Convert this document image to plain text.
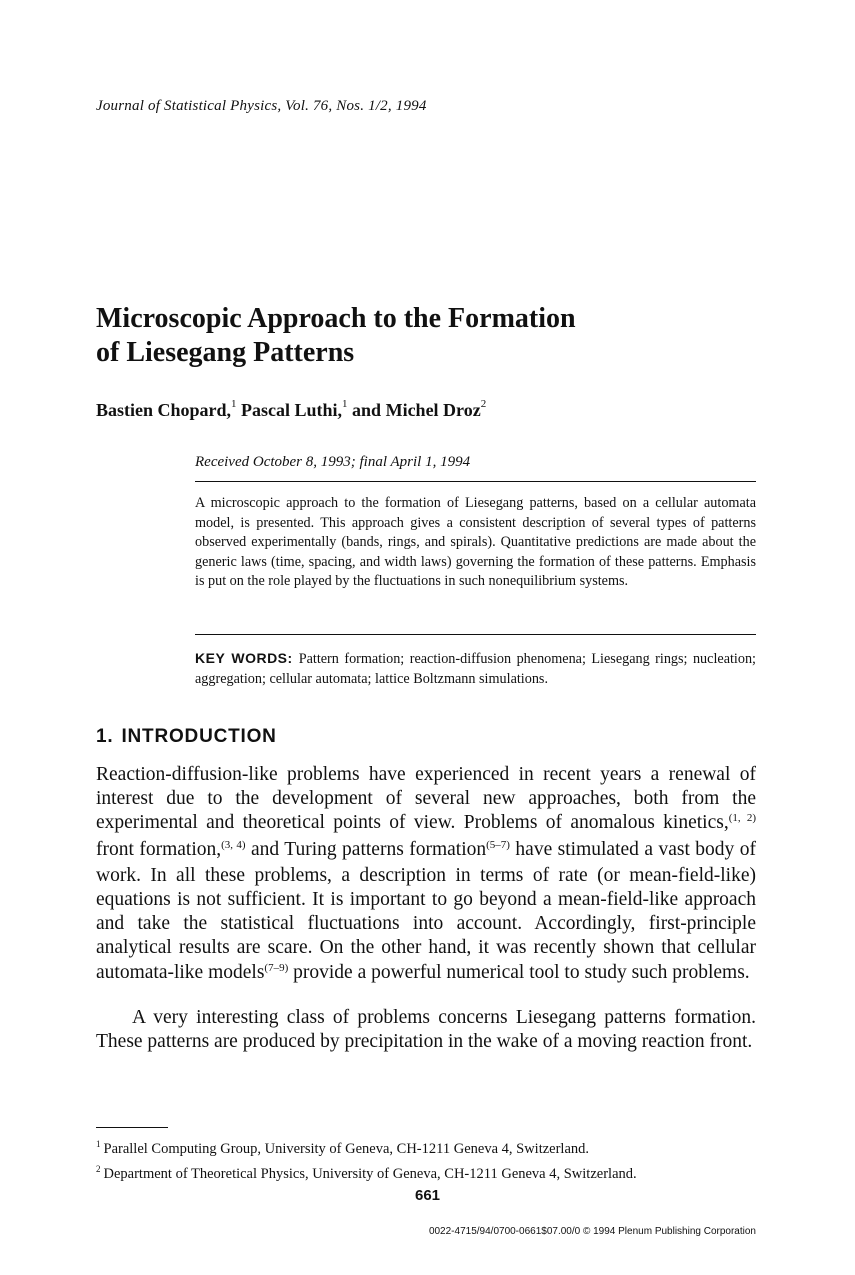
Journal of Statistical Physics, Vol. 76, Nos. 1/2, 1994
Microscopic Approach to the Formation
of Liesegang Patterns
Bastien Chopard,$^1$ Pascal Luthi,$^1$ and Michel Droz$^2$
Received October 8, 1993; final April 1, 1994
A microscopic approach to the formation of Liesegang patterns, based on a cellular automata model, is presented. This approach gives a consistent description of several types of patterns observed experimentally (bands, rings, and spirals). Quantitative predictions are made about the generic laws (time, spacing, and width laws) governing the formation of these patterns. Emphasis is put on the role played by the fluctuations in such nonequilibrium systems.
KEY WORDS: Pattern formation; reaction-diffusion phenomena; Liesegang rings; nucleation; aggregation; cellular automata; lattice Boltzmann simulations.
1. INTRODUCTION

Reaction-diffusion-like problems have experienced in recent years a renewal of interest due to the development of several new approaches, both from the experimental and theoretical points of view. Problems of anomalous kinetics,$^{(1, 2)}$ front formation,$^{(3, 4)}$ and Turing patterns formation$^{(5-7)}$ have stimulated a vast body of work. In all these problems, a description in terms of rate (or mean-field-like) equations is not sufficient. It is important to go beyond a mean-field-like approach and take the statistical fluctuations into account. Accordingly, first-principle analytical results are scare. On the other hand, it was recently shown that cellular automata-like models$^{(7-9)}$ provide a powerful numerical tool to study such problems.

A very interesting class of problems concerns Liesegang patterns formation. These patterns are produced by precipitation in the wake of a moving reaction front.

$^1$ Parallel Computing Group, University of Geneva, CH-1211 Geneva 4, Switzerland.
$^2$ Department of Theoretical Physics, University of Geneva, CH-1211 Geneva 4, Switzerland.
661
0022-4715/94/0700-0661$07.00/0 © 1994 Plenum Publishing Corporation
